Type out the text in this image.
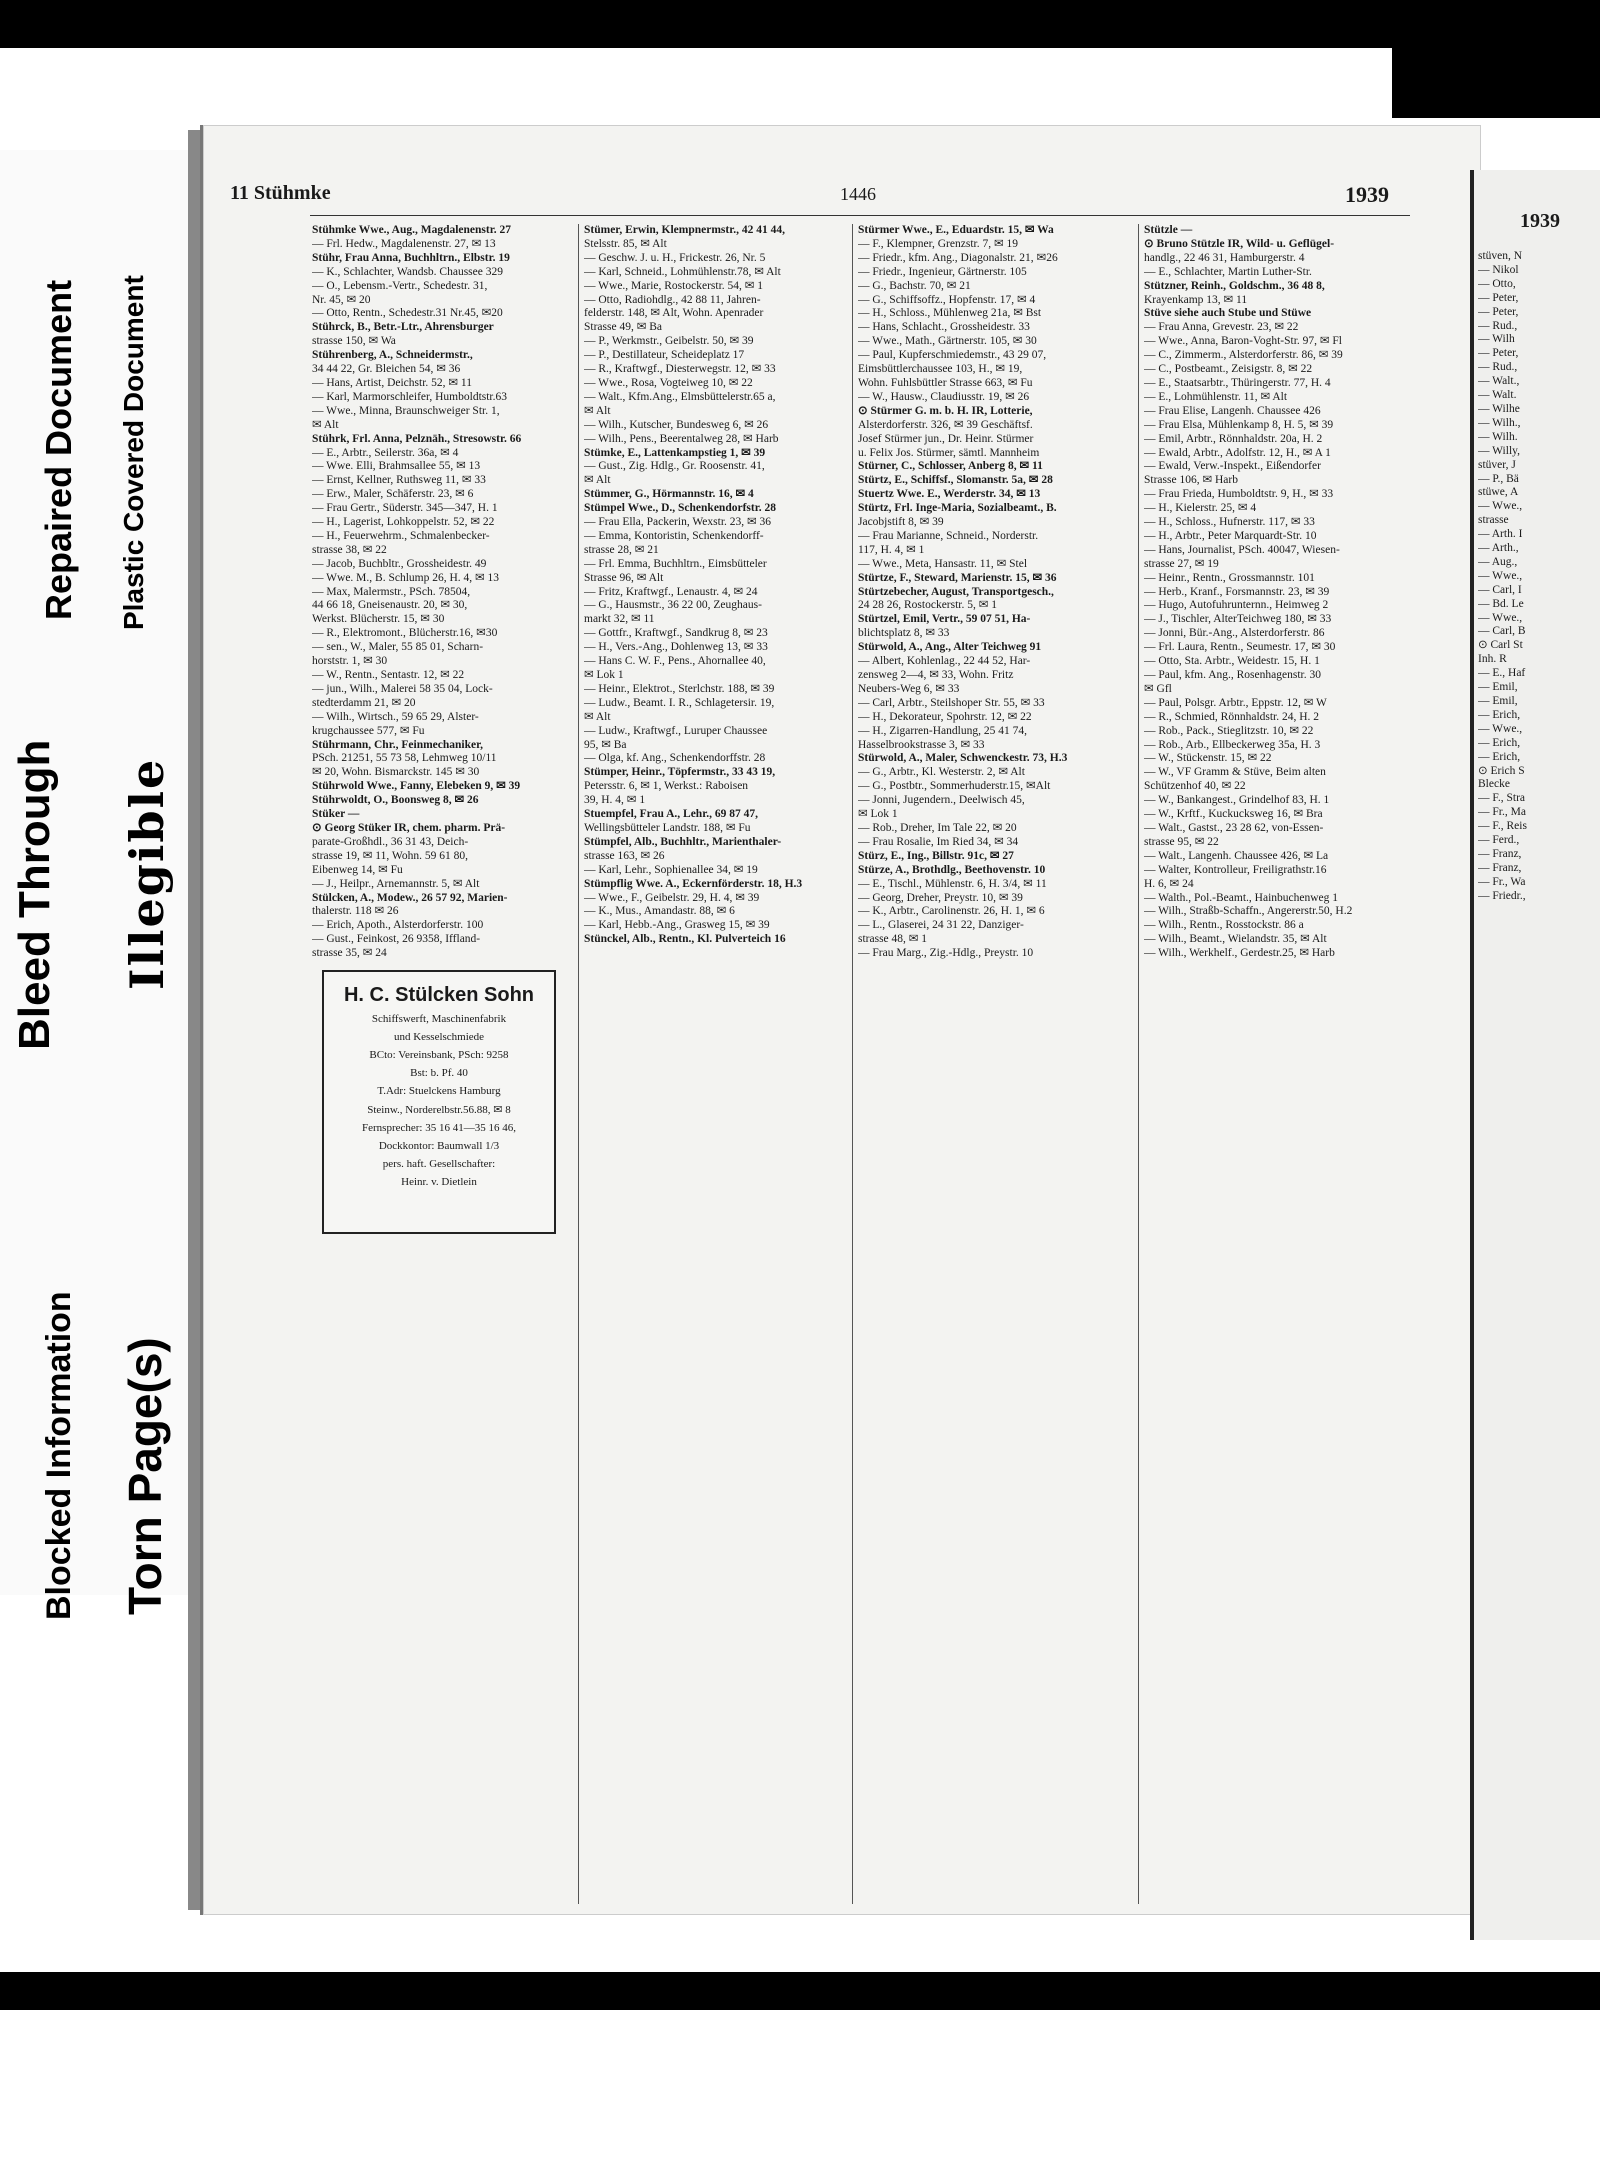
Bleed Through Illegible
Blocked Information Torn Page(s)
Repaired Document Plastic Covered Document
11 Stühmke	1446	1939

Stühmke Wwe., Aug., Magdalenenstr. 27

— Frl. Hedw., Magdalenenstr. 27, ✉ 13

Stühr, Frau Anna, Buchhltrn., Elbstr. 19

— K., Schlachter, Wandsb. Chaussee 329

— O., Lebensm.-Vertr., Schedestr. 31,

Nr. 45, ✉ 20

— Otto, Rentn., Schedestr.31 Nr.45, ✉20

Stührck, B., Betr.-Ltr., Ahrensburger

strasse 150, ✉ Wa

Stührenberg, A., Schneidermstr.,

34 44 22, Gr. Bleichen 54, ✉ 36

— Hans, Artist, Deichstr. 52, ✉ 11

— Karl, Marmorschleifer, Humboldtstr.63

— Wwe., Minna, Braunschweiger Str. 1,

✉ Alt

Stührk, Frl. Anna, Pelznäh., Stresowstr. 66

— E., Arbtr., Seilerstr. 36a, ✉ 4

— Wwe. Elli, Brahmsallee 55, ✉ 13

— Ernst, Kellner, Ruthsweg 11, ✉ 33

— Erw., Maler, Schäferstr. 23, ✉ 6

— Frau Gertr., Süderstr. 345—347, H. 1

— H., Lagerist, Lohkoppelstr. 52, ✉ 22

— H., Feuerwehrm., Schmalenbecker-

strasse 38, ✉ 22

— Jacob, Buchbltr., Grossheidestr. 49

— Wwe. M., B. Schlump 26, H. 4, ✉ 13

— Max, Malermstr., PSch. 78504,

44 66 18, Gneisenaustr. 20, ✉ 30,

Werkst. Blücherstr. 15, ✉ 30

— R., Elektromont., Blücherstr.16, ✉30

— sen., W., Maler, 55 85 01, Scharn-

horststr. 1, ✉ 30

— W., Rentn., Sentastr. 12, ✉ 22

— jun., Wilh., Malerei 58 35 04, Lock-

stedterdamm 21, ✉ 20

— Wilh., Wirtsch., 59 65 29, Alster-

krugchaussee 577, ✉ Fu

Stührmann, Chr., Feinmechaniker,

PSch. 21251, 55 73 58, Lehmweg 10/11

✉ 20, Wohn. Bismarckstr. 145 ✉ 30

Stührwold Wwe., Fanny, Elebeken 9, ✉ 39

Stührwoldt, O., Boonsweg 8, ✉ 26

Stüker —

⊙ Georg Stüker IR, chem. pharm. Prä-

parate-Großhdl., 36 31 43, Deich-

strasse 19, ✉ 11, Wohn. 59 61 80,

Eibenweg 14, ✉ Fu

— J., Heilpr., Arnemannstr. 5, ✉ Alt

Stülcken, A., Modew., 26 57 92, Marien-

thalerstr. 118 ✉ 26

— Erich, Apoth., Alsterdorferstr. 100

— Gust., Feinkost, 26 9358, Iffland-

strasse 35, ✉ 24

Stümer, Erwin, Klempnermstr., 42 41 44,

Stelsstr. 85, ✉ Alt

— Geschw. J. u. H., Frickestr. 26, Nr. 5

— Karl, Schneid., Lohmühlenstr.78, ✉ Alt

— Wwe., Marie, Rostockerstr. 54, ✉ 1

— Otto, Radiohdlg., 42 88 11, Jahren-

felderstr. 148, ✉ Alt, Wohn. Apenrader

Strasse 49, ✉ Ba

— P., Werkmstr., Geibelstr. 50, ✉ 39

— P., Destillateur, Scheideplatz 17

— R., Kraftwgf., Diesterwegstr. 12, ✉ 33

— Wwe., Rosa, Vogteiweg 10, ✉ 22

— Walt., Kfm.Ang., Elmsbüttelerstr.65 a,

✉ Alt

— Wilh., Kutscher, Bundesweg 6, ✉ 26

— Wilh., Pens., Beerentalweg 28, ✉ Harb

Stümke, E., Lattenkampstieg 1, ✉ 39

— Gust., Zig. Hdlg., Gr. Roosenstr. 41,

✉ Alt

Stümmer, G., Hörmannstr. 16, ✉ 4

Stümpel Wwe., D., Schenkendorfstr. 28

— Frau Ella, Packerin, Wexstr. 23, ✉ 36

— Emma, Kontoristin, Schenkendorff-

strasse 28, ✉ 21

— Frl. Emma, Buchhltrn., Eimsbütteler

Strasse 96, ✉ Alt

— Fritz, Kraftwgf., Lenaustr. 4, ✉ 24

— G., Hausmstr., 36 22 00, Zeughaus-

markt 32, ✉ 11

— Gottfr., Kraftwgf., Sandkrug 8, ✉ 23

— H., Vers.-Ang., Dohlenweg 13, ✉ 33

— Hans C. W. F., Pens., Ahornallee 40,

✉ Lok 1

— Heinr., Elektrot., Sterlchstr. 188, ✉ 39

— Ludw., Beamt. I. R., Schlagetersir. 19,

✉ Alt

— Ludw., Kraftwgf., Luruper Chaussee

95, ✉ Ba

— Olga, kf. Ang., Schenkendorffstr. 28

Stümper, Heinr., Töpfermstr., 33 43 19,

Petersstr. 6, ✉ 1, Werkst.: Raboisen

39, H. 4, ✉ 1

Stuempfel, Frau A., Lehr., 69 87 47,

Wellingsbütteler Landstr. 188, ✉ Fu

Stümpfel, Alb., Buchhltr., Marienthaler-

strasse 163, ✉ 26

— Karl, Lehr., Sophienallee 34, ✉ 19

Stümpflig Wwe. A., Eckernförderstr. 18, H.3

— Wwe., F., Geibelstr. 29, H. 4, ✉ 39

— K., Mus., Amandastr. 88, ✉ 6

— Karl, Hebb.-Ang., Grasweg 15, ✉ 39

Stünckel, Alb., Rentn., Kl. Pulverteich 16

Stürmer Wwe., E., Eduardstr. 15, ✉ Wa

— F., Klempner, Grenzstr. 7, ✉ 19

— Friedr., kfm. Ang., Diagonalstr. 21, ✉26

— Friedr., Ingenieur, Gärtnerstr. 105

— G., Bachstr. 70, ✉ 21

— G., Schiffsoffz., Hopfenstr. 17, ✉ 4

— H., Schloss., Mühlenweg 21a, ✉ Bst

— Hans, Schlacht., Grossheidestr. 33

— Wwe., Math., Gärtnerstr. 105, ✉ 30

— Paul, Kupferschmiedemstr., 43 29 07,

Eimsbüttlerchaussee 103, H., ✉ 19,

Wohn. Fuhlsbüttler Strasse 663, ✉ Fu

— W., Hausw., Claudiusstr. 19, ✉ 26

⊙ Stürmer G. m. b. H. IR, Lotterie,

Alsterdorferstr. 326, ✉ 39 Geschäftsf.

Josef Stürmer jun., Dr. Heinr. Stürmer

u. Felix Jos. Stürmer, sämtl. Mannheim

Stürner, C., Schlosser, Anberg 8, ✉ 11

Stürtz, E., Schiffsf., Slomanstr. 5a, ✉ 28

Stuertz Wwe. E., Werderstr. 34, ✉ 13

Stürtz, Frl. Inge-Maria, Sozialbeamt., B.

Jacobjstift 8, ✉ 39

— Frau Marianne, Schneid., Norderstr.

117, H. 4, ✉ 1

— Wwe., Meta, Hansastr. 11, ✉ Stel

Stürtze, F., Steward, Marienstr. 15, ✉ 36

Stürtzebecher, August, Transportgesch.,

24 28 26, Rostockerstr. 5, ✉ 1

Stürtzel, Emil, Vertr., 59 07 51, Ha-

blichtsplatz 8, ✉ 33

Stürwold, A., Ang., Alter Teichweg 91

— Albert, Kohlenlag., 22 44 52, Har-

zensweg 2—4, ✉ 33, Wohn. Fritz

Neubers-Weg 6, ✉ 33

— Carl, Arbtr., Steilshoper Str. 55, ✉ 33

— H., Dekorateur, Spohrstr. 12, ✉ 22

— H., Zigarren-Handlung, 25 41 74,

Hasselbrookstrasse 3, ✉ 33

Stürwold, A., Maler, Schwenckestr. 73, H.3

— G., Arbtr., Kl. Westerstr. 2, ✉ Alt

— G., Postbtr., Sommerhuderstr.15, ✉Alt

— Jonni, Jugendern., Deelwisch 45,

✉ Lok 1

— Rob., Dreher, Im Tale 22, ✉ 20

— Frau Rosalie, Im Ried 34, ✉ 34

Stürz, E., Ing., Billstr. 91c, ✉ 27

Stürze, A., Brothdlg., Beethovenstr. 10

— E., Tischl., Mühlenstr. 6, H. 3/4, ✉ 11

— Georg, Dreher, Preystr. 10, ✉ 39

— K., Arbtr., Carolinenstr. 26, H. 1, ✉ 6

— L., Glaserei, 24 31 22, Danziger-

strasse 48, ✉ 1

— Frau Marg., Zig.-Hdlg., Preystr. 10

Stützle —

⊙ Bruno Stützle IR, Wild- u. Geflügel-

handlg., 22 46 31, Hamburgerstr. 4

— E., Schlachter, Martin Luther-Str.

Stützner, Reinh., Goldschm., 36 48 8,

Krayenkamp 13, ✉ 11

Stüve siehe auch Stube und Stüwe

— Frau Anna, Grevestr. 23, ✉ 22

— Wwe., Anna, Baron-Voght-Str. 97, ✉ Fl

— C., Zimmerm., Alsterdorferstr. 86, ✉ 39

— C., Postbeamt., Zeisigstr. 8, ✉ 22

— E., Staatsarbtr., Thüringerstr. 77, H. 4

— E., Lohmühlenstr. 11, ✉ Alt

— Frau Elise, Langenh. Chaussee 426

— Frau Elsa, Mühlenkamp 8, H. 5, ✉ 39

— Emil, Arbtr., Rönnhaldstr. 20a, H. 2

— Ewald, Arbtr., Adolfstr. 12, H., ✉ A 1

— Ewald, Verw.-Inspekt., Eißendorfer

Strasse 106, ✉ Harb

— Frau Frieda, Humboldtstr. 9, H., ✉ 33

— H., Kielerstr. 25, ✉ 4

— H., Schloss., Hufnerstr. 117, ✉ 33

— H., Arbtr., Peter Marquardt-Str. 10

— Hans, Journalist, PSch. 40047, Wiesen-

strasse 27, ✉ 19

— Heinr., Rentn., Grossmannstr. 101

— Herb., Kranf., Forsmannstr. 23, ✉ 39

— Hugo, Autofuhrunternn., Heimweg 2

— J., Tischler, AlterTeichweg 180, ✉ 33

— Jonni, Bür.-Ang., Alsterdorferstr. 86

— Frl. Laura, Rentn., Seumestr. 17, ✉ 30

— Otto, Sta. Arbtr., Weidestr. 15, H. 1

— Paul, kfm. Ang., Rosenhagenstr. 30

✉ Gfl

— Paul, Polsgr. Arbtr., Eppstr. 12, ✉ W

— R., Schmied, Rönnhaldstr. 24, H. 2

— Rob., Pack., Stieglitzstr. 10, ✉ 22

— Rob., Arb., Ellbeckerweg 35a, H. 3

— W., Stückenstr. 15, ✉ 22

— W., VF Gramm & Stüve, Beim alten

Schützenhof 40, ✉ 22

— W., Bankangest., Grindelhof 83, H. 1

— W., Krftf., Kuckucksweg 16, ✉ Bra

— Walt., Gastst., 23 28 62, von-Essen-

strasse 95, ✉ 22

— Walt., Langenh. Chaussee 426, ✉ La

— Walter, Kontrolleur, Freiligrathstr.16

H. 6, ✉ 24

— Walth., Pol.-Beamt., Hainbuchenweg 1

— Wilh., Straßb-Schaffn., Angererstr.50, H.2

— Wilh., Rentn., Rosstockstr. 86 a

— Wilh., Beamt., Wielandstr. 35, ✉ Alt

— Wilh., Werkhelf., Gerdestr.25, ✉ Harb

H. C. Stülcken Sohn
Schiffswerft, Maschinenfabrik
und Kesselschmiede
BCto: Vereinsbank, PSch: 9258
Bst: b. Pf. 40
T.Adr: Stuelckens Hamburg
Steinw., Norderelbstr.56.88, ✉ 8
Fernsprecher: 35 16 41—35 16 46,
Dockkontor: Baumwall 1/3
pers. haft. Gesellschafter:
Heinr. v. Dietlein
1939

stüven, N

— Nikol

— Otto,

— Peter,

— Peter,

— Rud.,

— Wilh

— Peter,

— Rud.,

— Walt.,

— Walt.

— Wilhe

— Wilh.,

— Wilh.

— Willy,

stüver, J

— P., Bä

stüwe, A

— Wwe.,

strasse

— Arth. I

— Arth.,

— Aug.,

— Wwe.,

— Carl, I

— Bd. Le

— Wwe.,

— Carl, B

⊙ Carl St

Inh. R

— E., Haf

— Emil,

— Emil,

— Erich,

— Wwe.,

— Erich,

— Erich,

⊙ Erich S

Blecke

— F., Stra

— Fr., Ma

— F., Reis

— Ferd.,

— Franz,

— Franz,

— Fr., Wa

— Friedr.,
